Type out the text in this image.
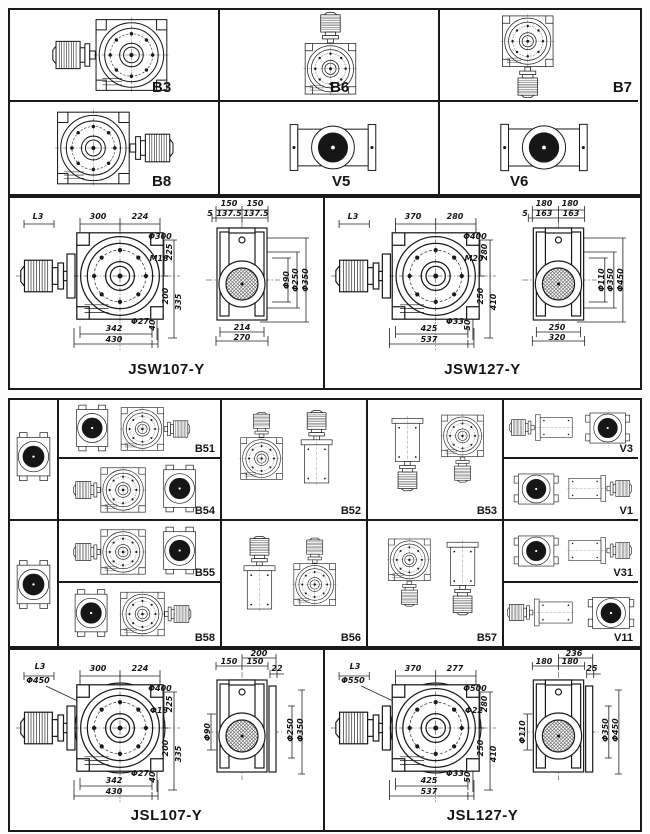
B3	B6	B7
B8	V5	V6
L3	300	224
Φ300
225
M18
200 335
342
Φ27 40
430
150 150
5 137.5 137.5
Φ90 Φ250 Φ350
214
270
JSW107-Y
L3	370	280
Φ400
280
M20
250 410
425
Φ33 50
537
180 180
5 163 163
Φ110 Φ350 Φ450
250
320
JSW127-Y
B51
B54
B55
B58
B52
B56
B53
B57
V3
V1
V31
V11
L3
Φ450
300	224
Φ400
225
Φ18
200 335
342
Φ27 40
430
200
150 150
22
Φ90	Φ250 Φ350
JSL107-Y
L3
Φ550
370	277
Φ500
280
Φ22
250 410
425
Φ33 50
537
236
180 180
25
Φ110	Φ350 Φ450
JSL127-Y
